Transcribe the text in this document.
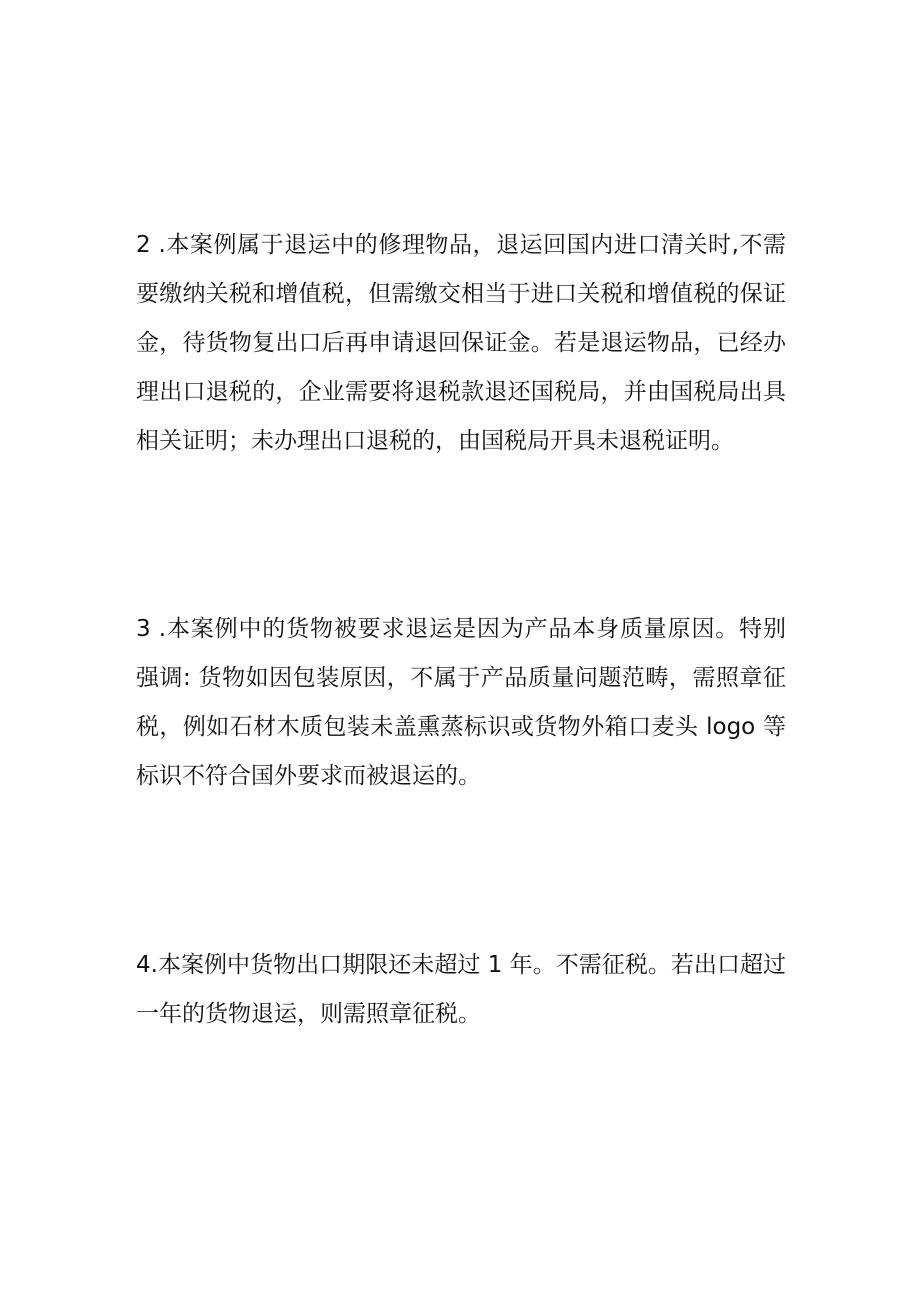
2 .本案例属于退运中的修理物品，退运回国内进口清关时,不需要缴纳关税和增值税，但需缴交相当于进口关税和增值税的保证金，待货物复出口后再申请退回保证金。若是退运物品，已经办理出口退税的，企业需要将退税款退还国税局，并由国税局出具相关证明；未办理出口退税的，由国税局开具未退税证明。

3 .本案例中的货物被要求退运是因为产品本身质量原因。特别强调: 货物如因包装原因，不属于产品质量问题范畴，需照章征税，例如石材木质包装未盖熏蒸标识或货物外箱口麦头 logo 等标识不符合国外要求而被退运的。

4.本案例中货物出口期限还未超过 1 年。不需征税。若出口超过一年的货物退运，则需照章征税。
